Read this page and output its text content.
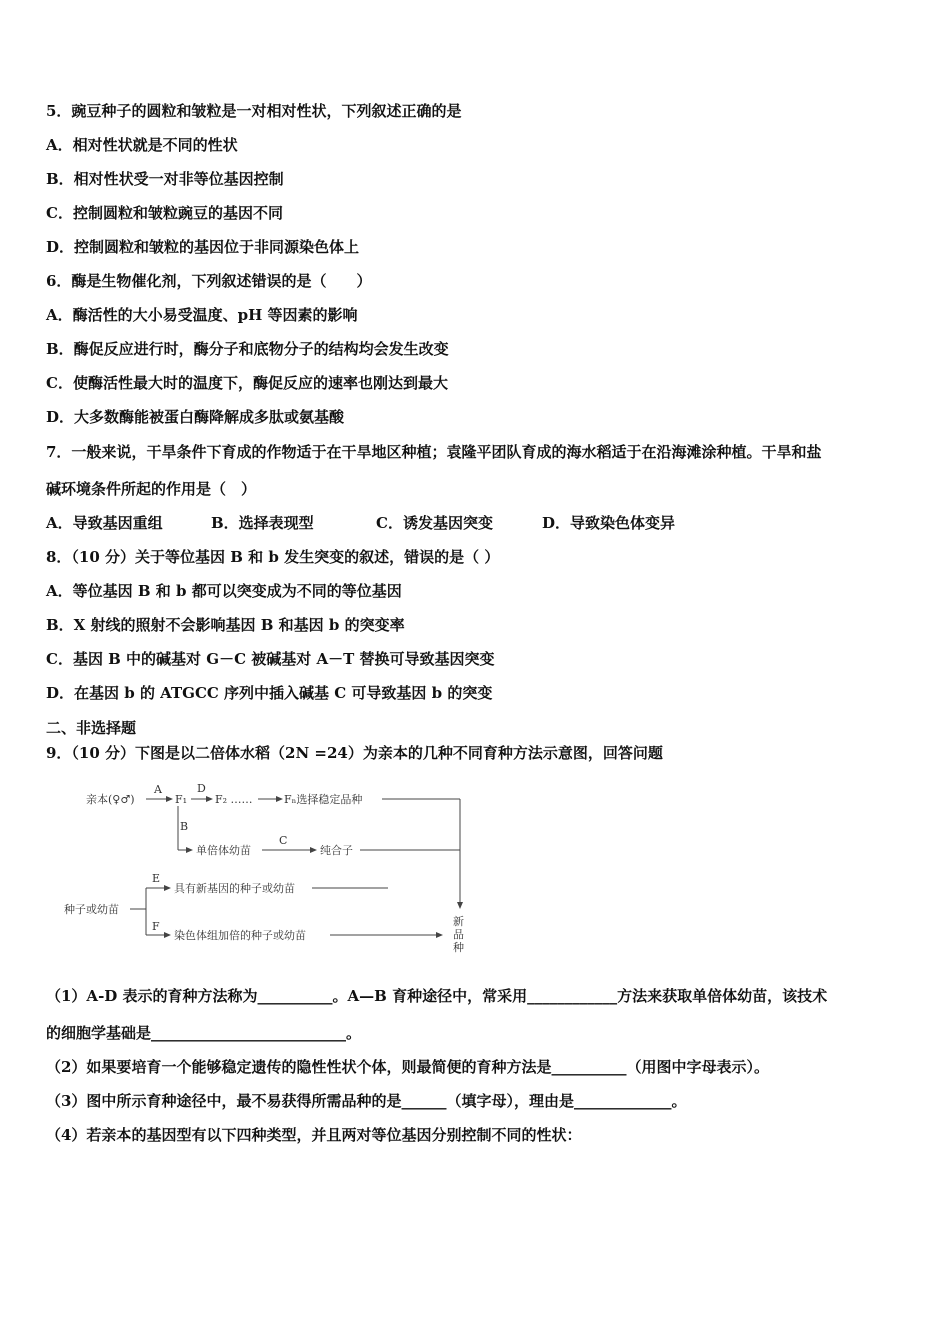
5．豌豆种子的圆粒和皱粒是一对相对性状，下列叙述正确的是
A．相对性状就是不同的性状
B．相对性状受一对非等位基因控制
C．控制圆粒和皱粒豌豆的基因不同
D．控制圆粒和皱粒的基因位于非同源染色体上
6．酶是生物催化剂，下列叙述错误的是（　　）
A．酶活性的大小易受温度、pH 等因素的影响
B．酶促反应进行时，酶分子和底物分子的结构均会发生改变
C．使酶活性最大时的温度下，酶促反应的速率也刚达到最大
D．大多数酶能被蛋白酶降解成多肽或氨基酸
7．一般来说，干旱条件下育成的作物适于在干旱地区种植；袁隆平团队育成的海水稻适于在沿海滩涂种植。干旱和盐
碱环境条件所起的作用是（　）
A．导致基因重组	B．选择表现型	C．诱发基因突变	D．导致染色体变异
8．（10 分）关于等位基因 B 和 b 发生突变的叙述，错误的是（ ）
A．等位基因 B 和 b 都可以突变成为不同的等位基因
B．X 射线的照射不会影响基因 B 和基因 b 的突变率
C．基因 B 中的碱基对 G－C 被碱基对 A－T 替换可导致基因突变
D．在基因 b 的 ATGCC 序列中插入碱基 C 可导致基因 b 的突变
二、非选择题
9．（10 分）下图是以二倍体水稻（2N =24）为亲本的几种不同育种方法示意图，回答问题
亲本(♀♂)
A
F₁
D
F₂ ……	Fₙ选择稳定品种
B
单倍体幼苗
C
纯合子
种子或幼苗
E
具有新基因的种子或幼苗
F
染色体组加倍的种子或幼苗
新
品
种
（1）A-D 表示的育种方法称为__________。A—B 育种途径中，常采用____________方法来获取单倍体幼苗，该技术
的细胞学基础是__________________________。
（2）如果要培育一个能够稳定遗传的隐性性状个体，则最简便的育种方法是__________（用图中字母表示）。
（3）图中所示育种途径中，最不易获得所需品种的是______（填字母），理由是_____________。
（4）若亲本的基因型有以下四种类型，并且两对等位基因分别控制不同的性状：
